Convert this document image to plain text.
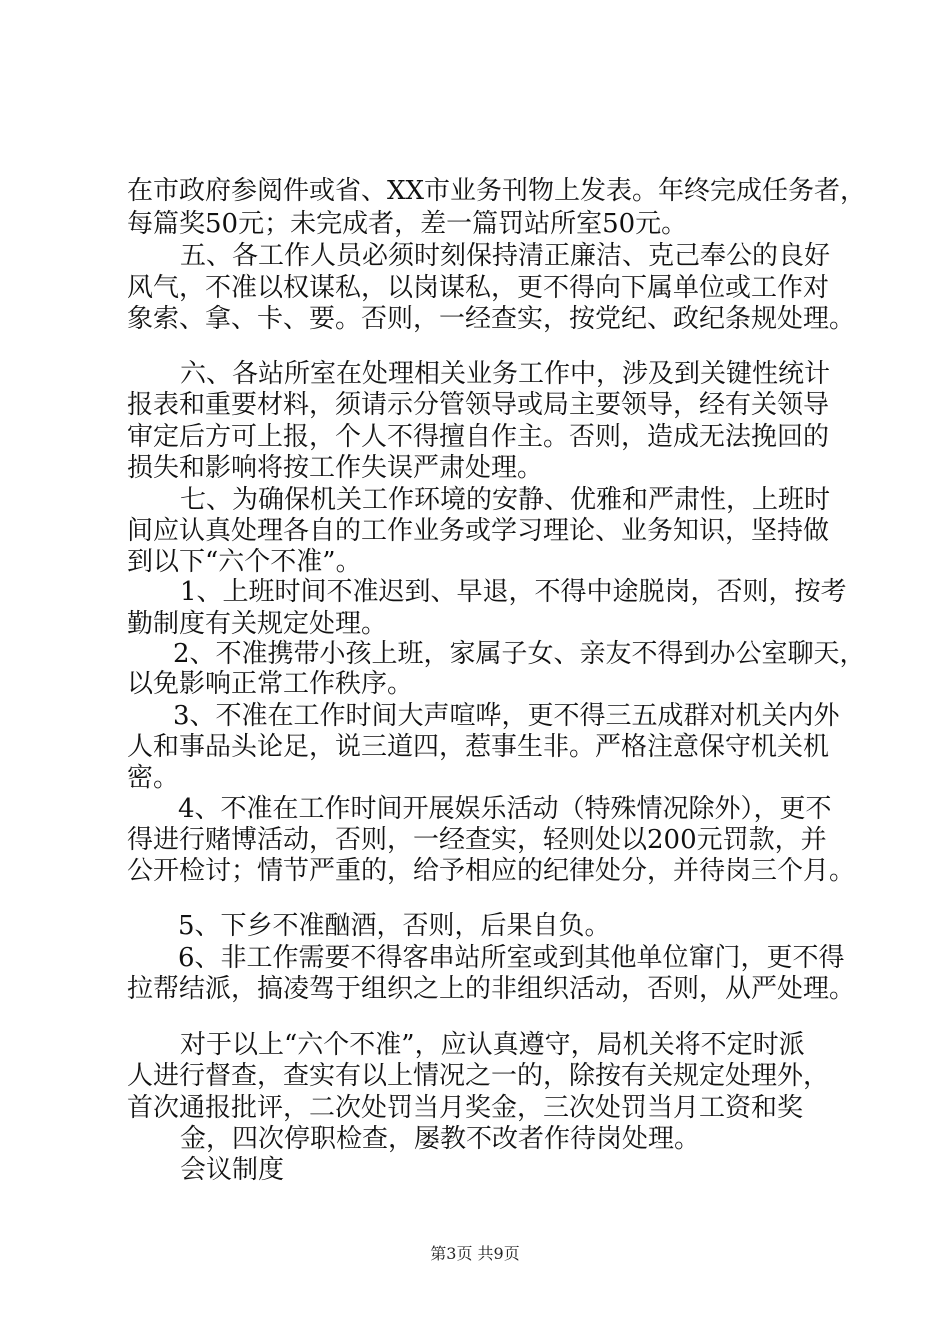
在市政府参阅件或省、XX市业务刊物上发表。年终完成任务者，

每篇奖50元；未完成者，差一篇罚站所室50元。

五、各工作人员必须时刻保持清正廉洁、克己奉公的良好

风气，不准以权谋私，以岗谋私，更不得向下属单位或工作对

象索、拿、卡、要。否则，一经查实，按党纪、政纪条规处理。

六、各站所室在处理相关业务工作中，涉及到关键性统计

报表和重要材料，须请示分管领导或局主要领导，经有关领导

审定后方可上报，个人不得擅自作主。否则，造成无法挽回的

损失和影响将按工作失误严肃处理。

七、为确保机关工作环境的安静、优雅和严肃性，上班时

间应认真处理各自的工作业务或学习理论、业务知识，坚持做

到以下“六个不准”。

1、上班时间不准迟到、早退，不得中途脱岗，否则，按考

勤制度有关规定处理。

2、不准携带小孩上班，家属子女、亲友不得到办公室聊天，

以免影响正常工作秩序。

3、不准在工作时间大声喧哗，更不得三五成群对机关内外

人和事品头论足，说三道四，惹事生非。严格注意保守机关机

密。

4、不准在工作时间开展娱乐活动（特殊情况除外），更不

得进行赌博活动，否则，一经查实，轻则处以200元罚款，并

公开检讨；情节严重的，给予相应的纪律处分，并待岗三个月。

5、下乡不准酗酒，否则，后果自负。

6、非工作需要不得客串站所室或到其他单位窜门，更不得

拉帮结派，搞凌驾于组织之上的非组织活动，否则，从严处理。

对于以上“六个不准”，应认真遵守，局机关将不定时派

人进行督查，查实有以上情况之一的，除按有关规定处理外，

首次通报批评，二次处罚当月奖金，三次处罚当月工资和奖

金，四次停职检查，屡教不改者作待岗处理。

会议制度

第3页 共9页
